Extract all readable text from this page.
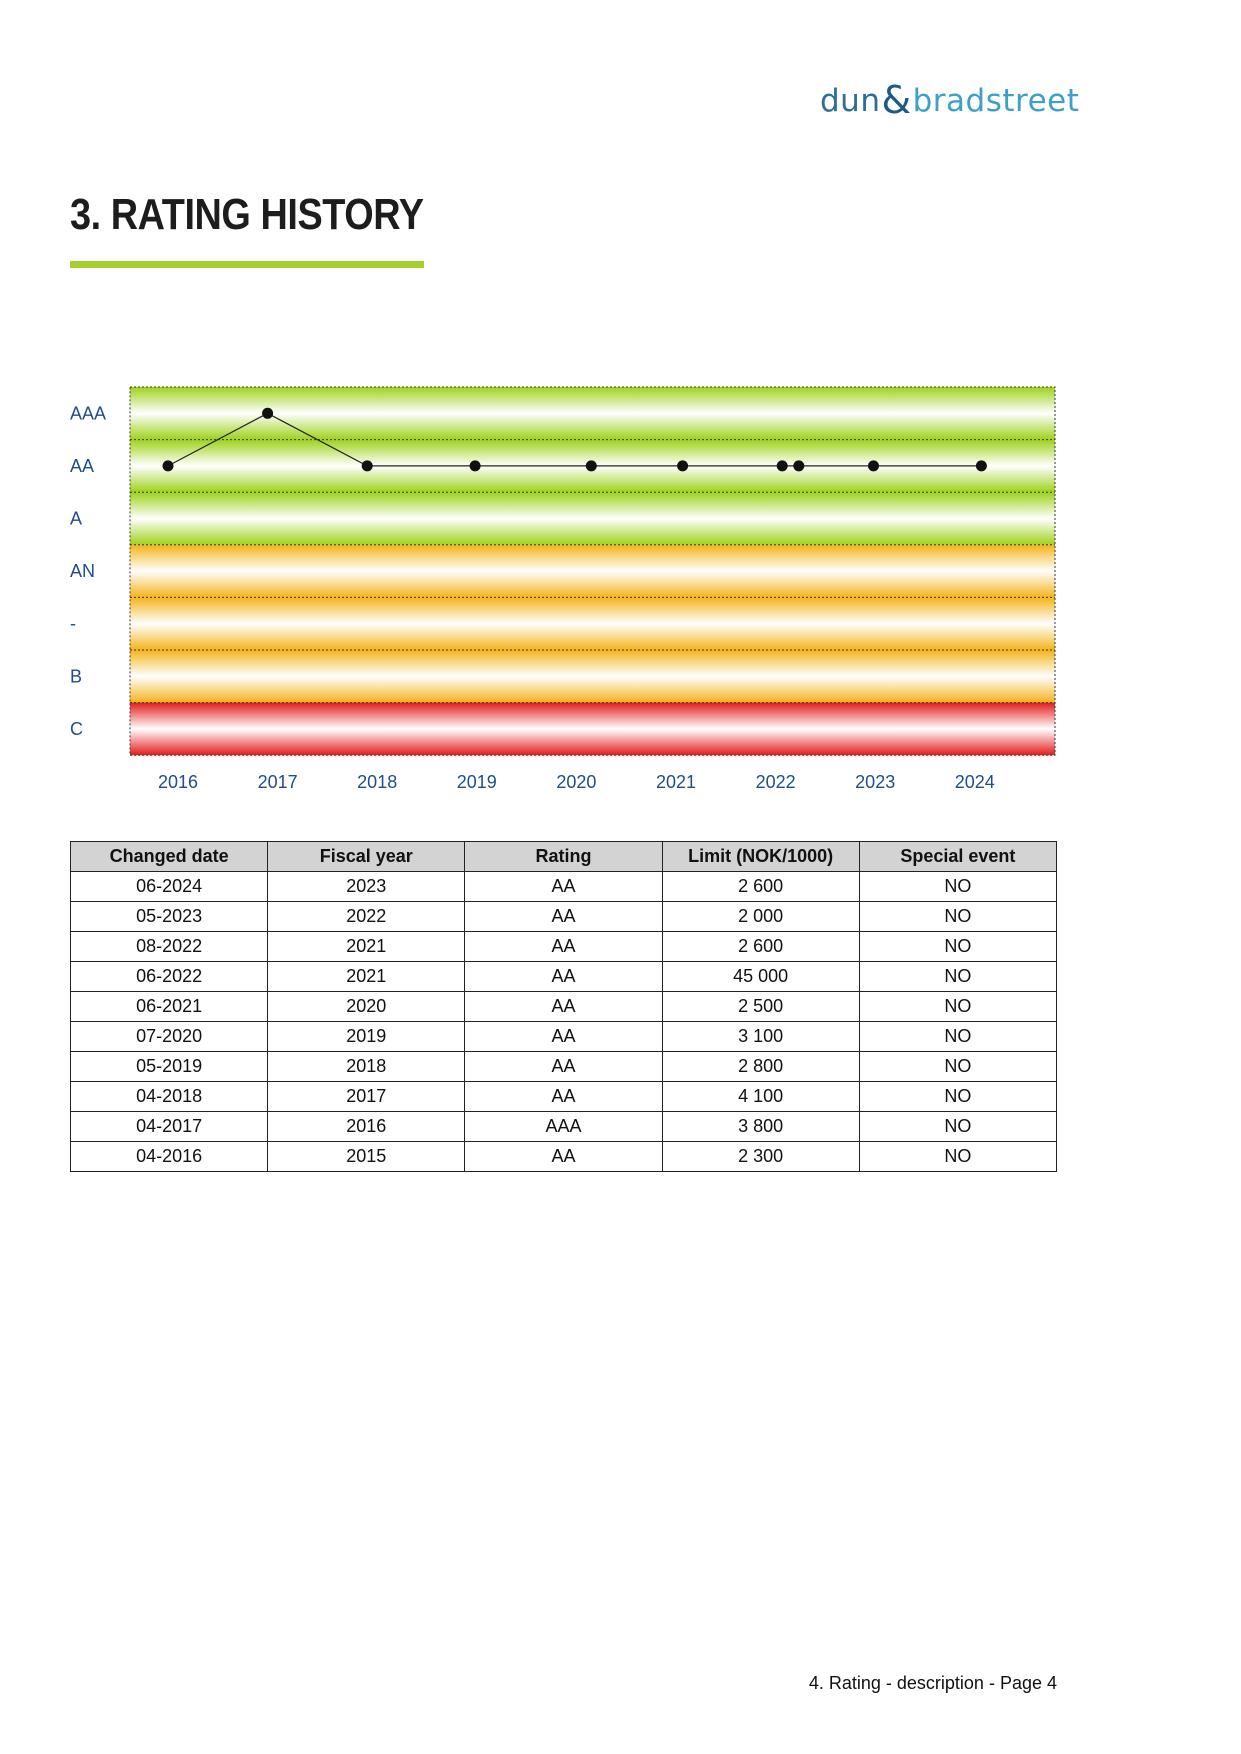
dun&bradstreet
3. RATING HISTORY
AAA
AA
A
AN
-
B
C
2016	2017	2018	2019	2020	2021	2022	2023	2024
Changed date	Fiscal year	Rating	Limit (NOK/1000)	Special event
06-2024	2023	AA	2 600	NO
05-2023	2022	AA	2 000	NO
08-2022	2021	AA	2 600	NO
06-2022	2021	AA	45 000	NO
06-2021	2020	AA	2 500	NO
07-2020	2019	AA	3 100	NO
05-2019	2018	AA	2 800	NO
04-2018	2017	AA	4 100	NO
04-2017	2016	AAA	3 800	NO
04-2016	2015	AA	2 300	NO
4. Rating - description - Page 4
